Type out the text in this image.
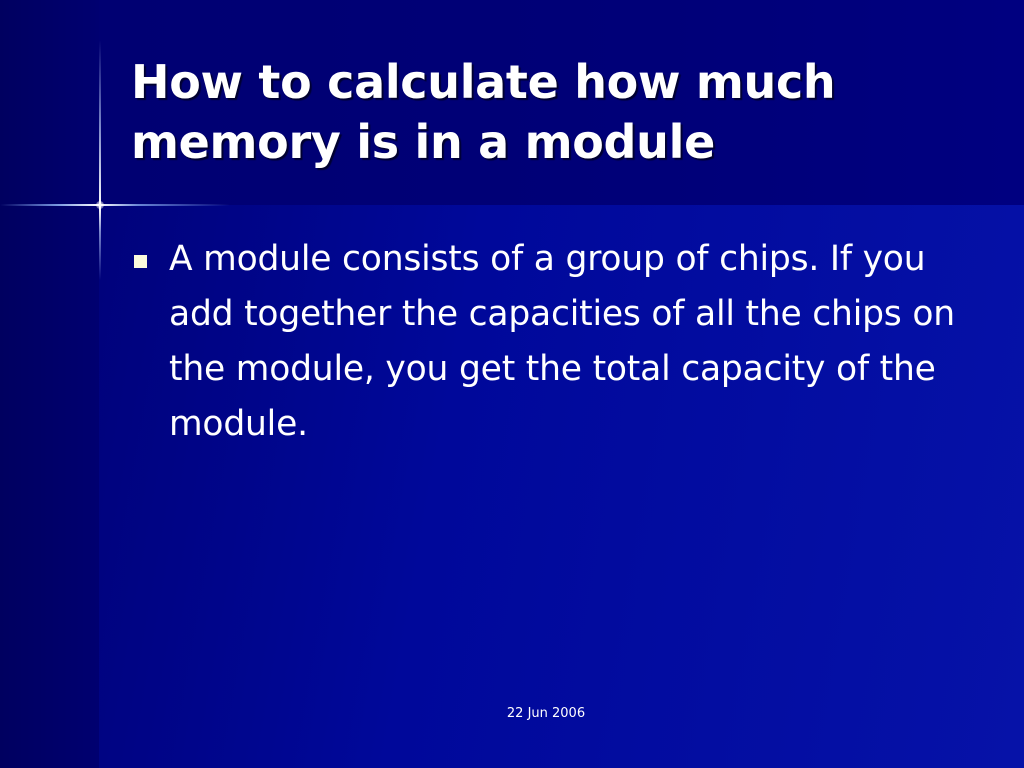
How to calculate how much memory is in a module
A module consists of a group of chips. If you add together the capacities of all the chips on the module, you get the total capacity of the module.
22 Jun 2006
